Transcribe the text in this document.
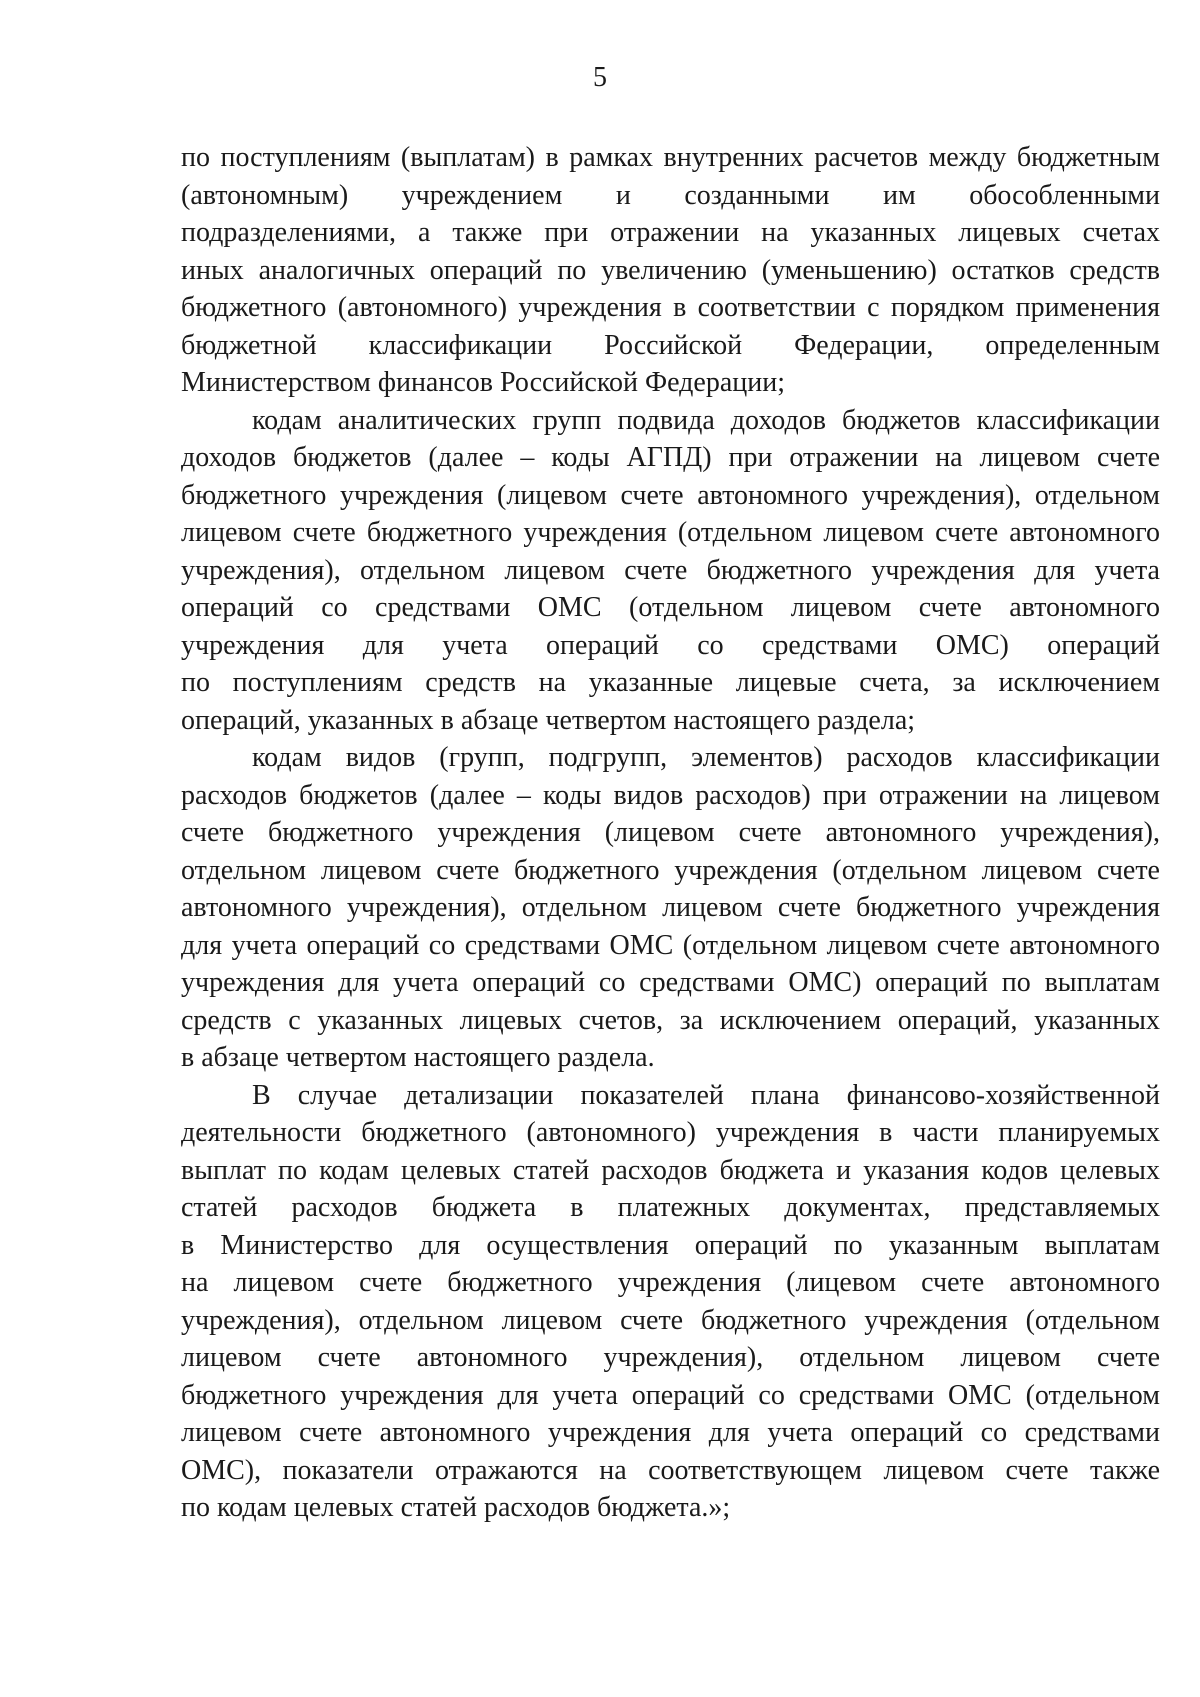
5
по поступлениям (выплатам) в рамках внутренних расчетов между бюджетным
(автономным) учреждением и созданными им обособленными
подразделениями, а также при отражении на указанных лицевых счетах
иных аналогичных операций по увеличению (уменьшению) остатков средств
бюджетного (автономного) учреждения в соответствии с порядком применения
бюджетной классификации Российской Федерации, определенным
Министерством финансов Российской Федерации;
кодам аналитических групп подвида доходов бюджетов классификации
доходов бюджетов (далее – коды АГПД) при отражении на лицевом счете
бюджетного учреждения (лицевом счете автономного учреждения), отдельном
лицевом счете бюджетного учреждения (отдельном лицевом счете автономного
учреждения), отдельном лицевом счете бюджетного учреждения для учета
операций со средствами ОМС (отдельном лицевом счете автономного
учреждения для учета операций со средствами ОМС) операций
по поступлениям средств на указанные лицевые счета, за исключением
операций, указанных в абзаце четвертом настоящего раздела;
кодам видов (групп, подгрупп, элементов) расходов классификации
расходов бюджетов (далее – коды видов расходов) при отражении на лицевом
счете бюджетного учреждения (лицевом счете автономного учреждения),
отдельном лицевом счете бюджетного учреждения (отдельном лицевом счете
автономного учреждения), отдельном лицевом счете бюджетного учреждения
для учета операций со средствами ОМС (отдельном лицевом счете автономного
учреждения для учета операций со средствами ОМС) операций по выплатам
средств с указанных лицевых счетов, за исключением операций, указанных
в абзаце четвертом настоящего раздела.
В случае детализации показателей плана финансово-хозяйственной
деятельности бюджетного (автономного) учреждения в части планируемых
выплат по кодам целевых статей расходов бюджета и указания кодов целевых
статей расходов бюджета в платежных документах, представляемых
в Министерство для осуществления операций по указанным выплатам
на лицевом счете бюджетного учреждения (лицевом счете автономного
учреждения), отдельном лицевом счете бюджетного учреждения (отдельном
лицевом счете автономного учреждения), отдельном лицевом счете
бюджетного учреждения для учета операций со средствами ОМС (отдельном
лицевом счете автономного учреждения для учета операций со средствами
ОМС), показатели отражаются на соответствующем лицевом счете также
по кодам целевых статей расходов бюджета.»;
